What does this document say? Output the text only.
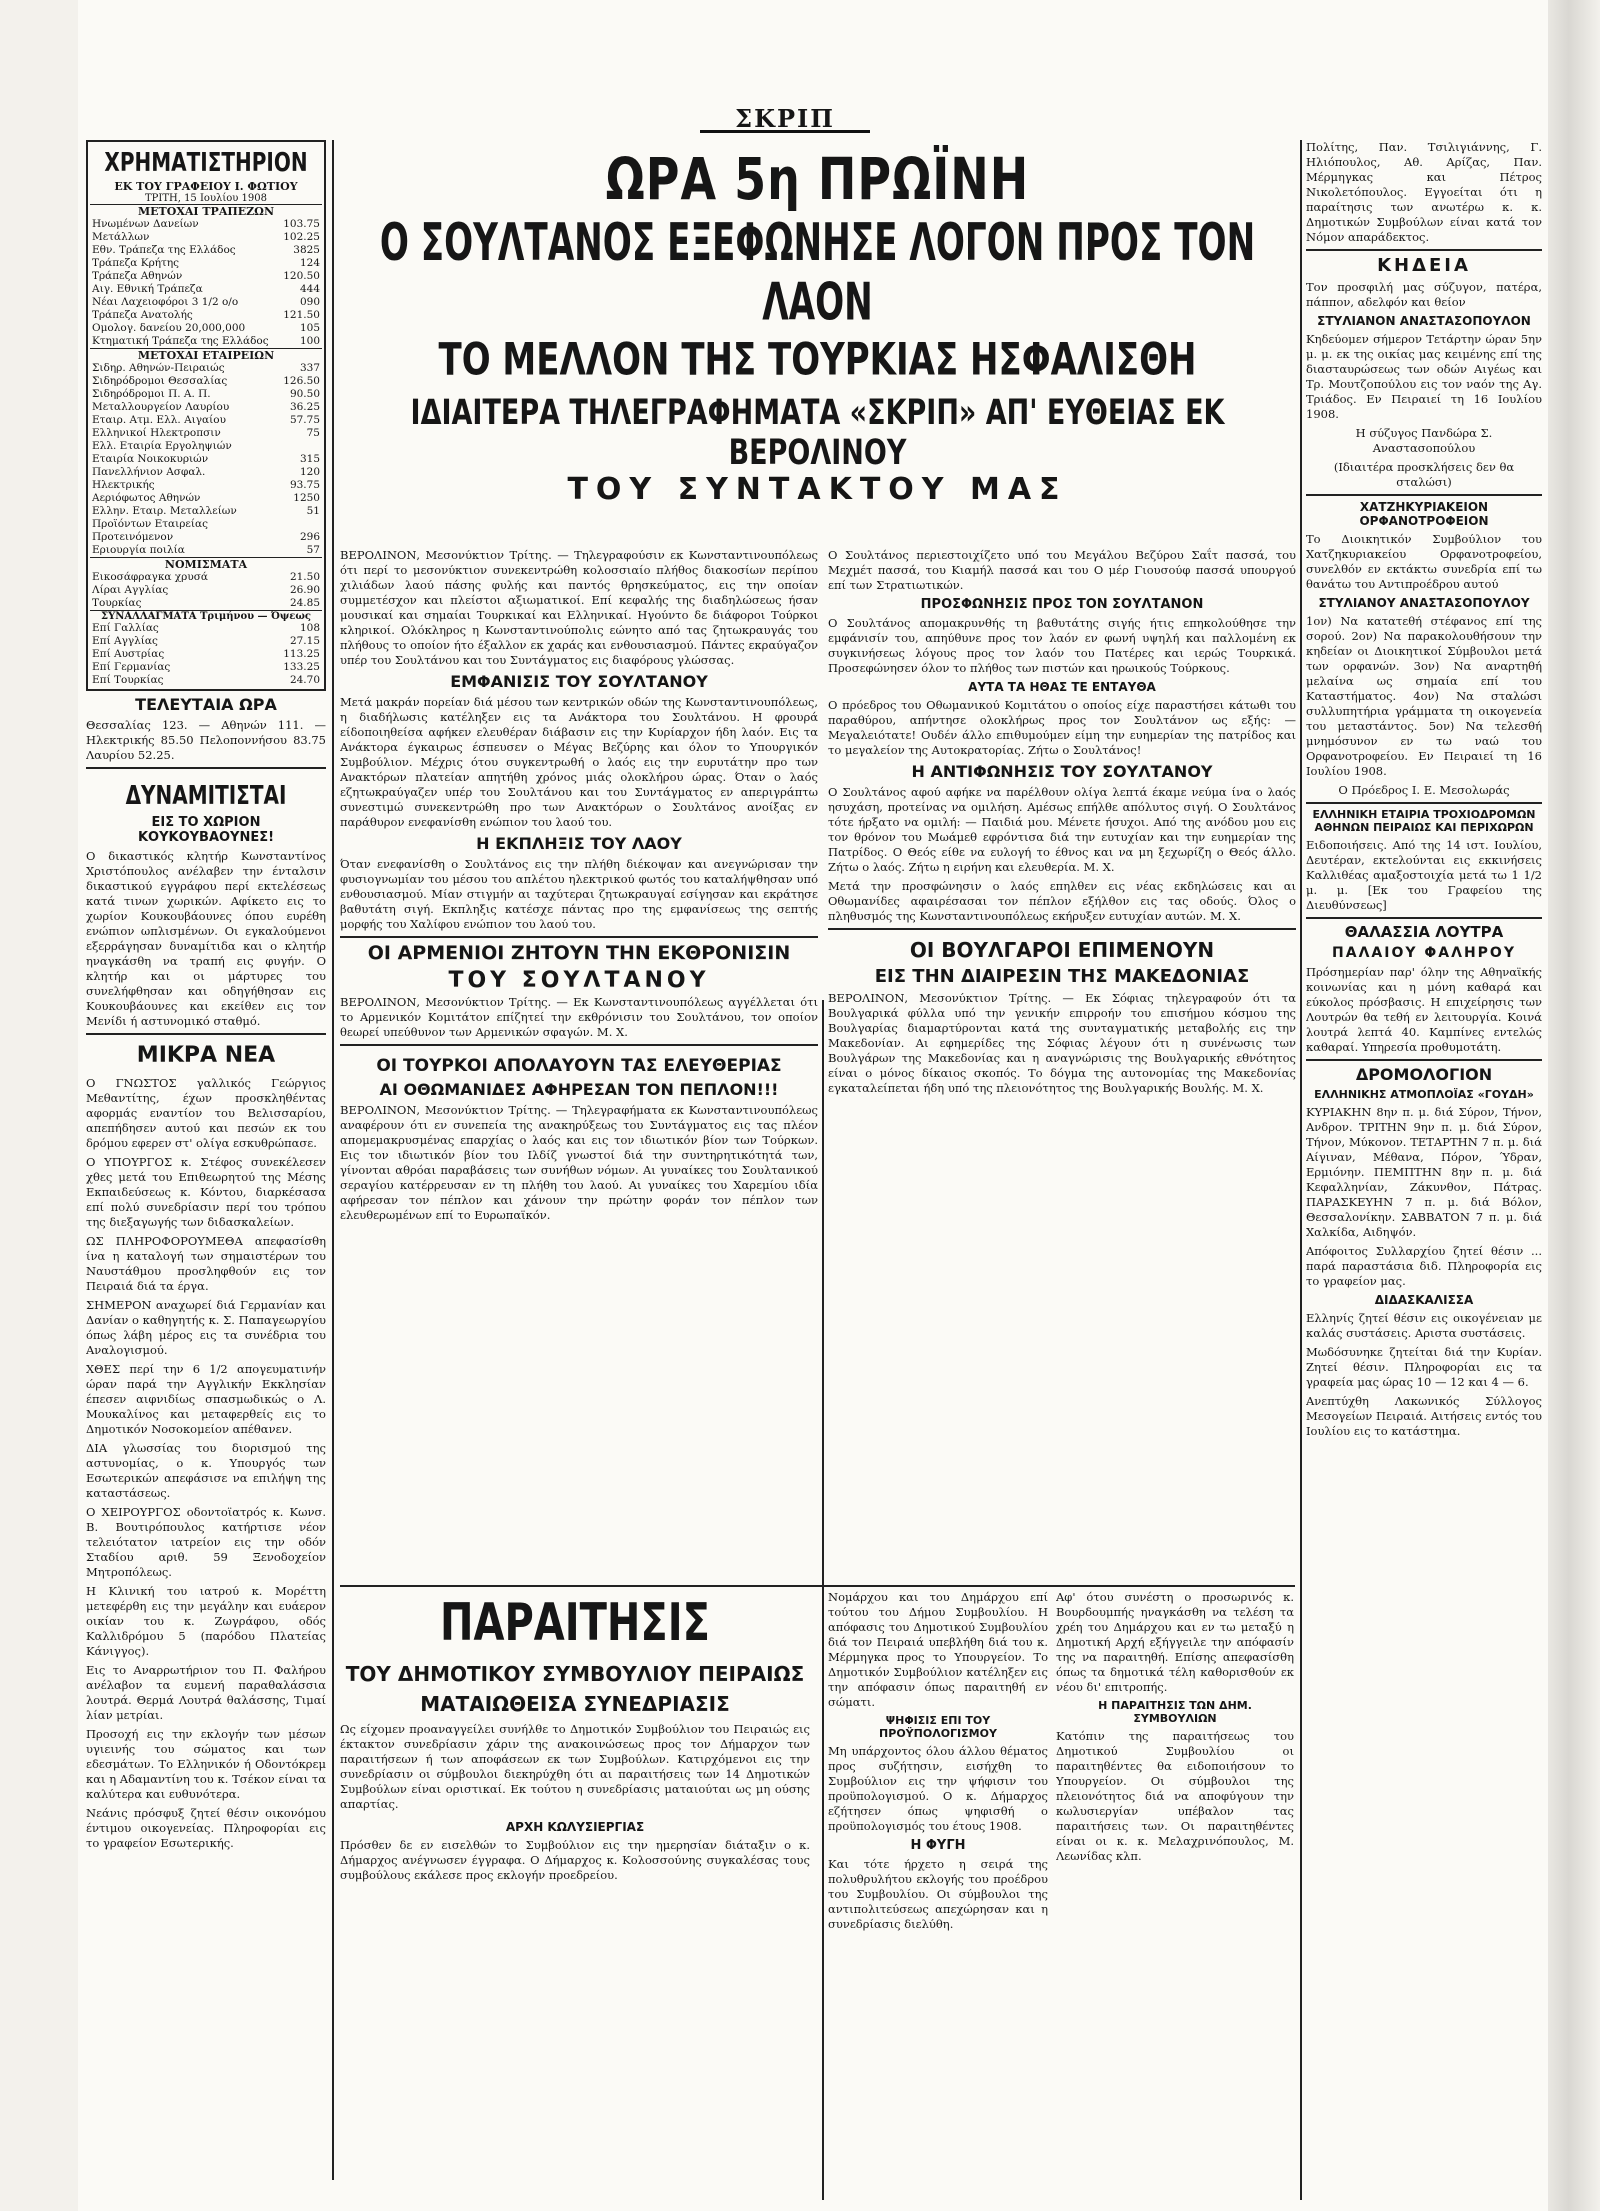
ΣΚΡΙΠ
ΧΡΗΜΑΤΙΣΤΗΡΙΟΝ
ΕΚ ΤΟΥ ΓΡΑΦΕΙΟΥ Ι. ΦΩΤΙΟΥ
ΤΡΙΤΗ, 15 Ιουλίου 1908
ΜΕΤΟΧΑΙ ΤΡΑΠΕΖΩΝ
Ηνωμένων Δανείων	103.75
Μετάλλων	102.25
Εθν. Τράπεζα της Ελλάδος	3825
Τράπεζα Κρήτης	124
Τράπεζα Αθηνών	120.50
Αιγ. Εθνική Τράπεζα	444
Νέαι Λαχειοφόροι 3 1/2 ο/ο	090
Τράπεζα Ανατολής	121.50
Ομολογ. δανείου 20,000,000	105
Κτηματική Τράπεζα της Ελλάδος	100
ΜΕΤΟΧΑΙ ΕΤΑΙΡΕΙΩΝ
Σιδηρ. Αθηνών-Πειραιώς	337
Σιδηρόδρομοι Θεσσαλίας	126.50
Σιδηρόδρομοι Π. Α. Π.	90.50
Μεταλλουργείον Λαυρίου	36.25
Εταιρ. Ατμ. Ελλ. Αιγαίου	57.75
Ελληνικοί Ηλεκτροπσιν	75
Ελλ. Εταιρία Εργοληψιών	
Εταιρία Νοικοκυριών	315
Πανελλήνιον Ασφαλ.	120
Ηλεκτρικής	93.75
Αεριόφωτος Αθηνών	1250
Ελλην. Εταιρ. Μεταλλείων	51
Προϊόντων Εταιρείας	
Προτεινόμενον	296
Εριουργία ποιλία	57
ΝΟΜΙΣΜΑΤΑ
Εικοσάφραγκα χρυσά	21.50
Λίραι Αγγλίας	26.90
Τουρκίας	24.85
ΣΥΝΑΛΛΑΓΜΑΤΑ Τριμήνου — Όψεως
Επί Γαλλίας	108
Επί Αγγλίας	27.15
Επί Αυστρίας	113.25
Επί Γερμανίας	133.25
Επί Τουρκίας	24.70
ΤΕΛΕΥΤΑΙΑ ΩΡΑ

Θεσσαλίας 123. — Αθηνών 111. — Ηλεκτρικής 85.50 Πελοποννήσου 83.75 Λαυρίου 52.25.

ΔΥΝΑΜΙΤΙΣΤΑΙ
ΕΙΣ ΤΟ ΧΩΡΙΟΝ ΚΟΥΚΟΥΒΑΟΥΝΕΣ!

Ο δικαστικός κλητήρ Κωνσταντίνος Χριστόπουλος ανέλαβεν την ένταλσιν δικαστικού εγγράφου περί εκτελέσεως κατά τινων χωρικών. Αφίκετο εις το χωρίον Κουκουβάουνες όπου ευρέθη ενώπιον ωπλισμένων. Οι εγκαλούμενοι εξερράγησαν δυναμίτιδα και ο κλητήρ ηναγκάσθη να τραπή εις φυγήν. Ο κλητήρ και οι μάρτυρες του συνελήφθησαν και οδηγήθησαν εις Κουκουβάουνες και εκείθεν εις τον Μενίδι ή αστυνομικό σταθμό.

ΜΙΚΡΑ ΝΕΑ

Ο ΓΝΩΣΤΟΣ γαλλικός Γεώργιος Μεθαντίτης, έχων προσκληθέντας αφορμάς εναντίον του Βελισσαρίου, απεπήδησεν αυτού και πεσών εκ του δρόμου εφερεν στ' ολίγα εσκυθρώπασε.

Ο ΥΠΟΥΡΓΟΣ κ. Στέφος συνεκέλεσεν χθες μετά του Επιθεωρητού της Μέσης Εκπαιδεύσεως κ. Κόντου, διαρκέσασα επί πολύ συνεδρίασιν περί του τρόπου της διεξαγωγής των διδασκαλείων.

ΩΣ ΠΛΗΡΟΦΟΡΟΥΜΕΘΑ απεφασίσθη ίνα η καταλογή των σημαιστέρων του Ναυστάθμου προσληφθούν εις τον Πειραιά διά τα έργα.

ΣΗΜΕΡΟΝ αναχωρεί διά Γερμανίαν και Δανίαν ο καθηγητής κ. Σ. Παπαγεωργίου όπως λάβη μέρος εις τα συνέδρια του Αναλογισμού.

ΧΘΕΣ περί την 6 1/2 απογευματινήν ώραν παρά την Αγγλικήν Εκκλησίαν έπεσεν αιφνιδίως σπασμωδικώς ο Λ. Μουκαλίνος και μεταφερθείς εις το Δημοτικόν Νοσοκομείον απέθανεν.

ΔΙΑ γλωσσίας του διορισμού της αστυνομίας, ο κ. Υπουργός των Εσωτερικών απεφάσισε να επιλήψη της καταστάσεως.

Ο ΧΕΙΡΟΥΡΓΟΣ οδοντοϊατρός κ. Κωνσ. Β. Βουτιρόπουλος κατήρτισε νέον τελειότατον ιατρείον εις την οδόν Σταδίου αριθ. 59 Ξενοδοχείον Μητροπόλεως.

Η Κλινική του ιατρού κ. Μορέττη μετεφέρθη εις την μεγάλην και ευάερον οικίαν του κ. Ζωγράφου, οδός Καλλιδρόμου 5 (παρόδου Πλατείας Κάνιγγος).

Εις το Αναρρωτήριον του Π. Φαλήρου ανέλαβον τα ευμενή παραθαλάσσια λουτρά. Θερμά Λουτρά θαλάσσης, Τιμαί λίαν μετρίαι.

Προσοχή εις την εκλογήν των μέσων υγιεινής του σώματος και των εδεσμάτων. Το Ελληνικόν ή Οδοντόκρεμ και η Αδαμαντίνη του κ. Τσέκον είναι τα καλύτερα και ευθυνότερα.

Νεάνις πρόσφυξ ζητεί θέσιν οικονόμου έντιμου οικογενείας. Πληροφορίαι εις το γραφείον Εσωτερικής.

ΩΡΑ 5η ΠΡΩΪΝΗ
Ο ΣΟΥΛΤΑΝΟΣ ΕΞΕΦΩΝΗΣΕ ΛΟΓΟΝ ΠΡΟΣ ΤΟΝ ΛΑΟΝ
ΤΟ ΜΕΛΛΟΝ ΤΗΣ ΤΟΥΡΚΙΑΣ ΗΣΦΑΛΙΣΘΗ
ΙΔΙΑΙΤΕΡΑ ΤΗΛΕΓΡΑΦΗΜΑΤΑ «ΣΚΡΙΠ» ΑΠ' ΕΥΘΕΙΑΣ ΕΚ ΒΕΡΟΛΙΝΟΥ
ΤΟΥ ΣΥΝΤΑΚΤΟΥ ΜΑΣ

ΒΕΡΟΛΙΝΟΝ, Μεσονύκτιον Τρίτης. — Τηλεγραφούσιν εκ Κωνσταντινουπόλεως ότι περί το μεσονύκτιον συνεκεντρώθη κολοσσιαίο πλήθος διακοσίων περίπου χιλιάδων λαού πάσης φυλής και παντός θρησκεύματος, εις την οποίαν συμμετέσχον και πλείστοι αξιωματικοί. Επί κεφαλής της διαδηλώσεως ήσαν μουσικαί και σημαίαι Τουρκικαί και Ελληνικαί. Ηγούντο δε διάφοροι Τούρκοι κληρικοί. Ολόκληρος η Κωνσταντινούπολις εώνητο από τας ζητωκραυγάς του πλήθους το οποίον ήτο έξαλλον εκ χαράς και ενθουσιασμού. Πάντες εκραύγαζον υπέρ του Σουλτάνου και του Συντάγματος εις διαφόρους γλώσσας.

ΕΜΦΑΝΙΣΙΣ ΤΟΥ ΣΟΥΛΤΑΝΟΥ

Μετά μακράν πορείαν διά μέσου των κεντρικών οδών της Κωνσταντινουπόλεως, η διαδήλωσις κατέληξεν εις τα Ανάκτορα του Σουλτάνου. Η φρουρά είδοποιηθείσα αφήκεν ελευθέραν διάβασιν εις την Κυρίαρχον ήδη λαόν. Εις τα Ανάκτορα έγκαιρως έσπευσεν ο Μέγας Βεζύρης και όλον το Υπουργικόν Συμβούλιον. Μέχρις ότου συγκεντρωθή ο λαός εις την ευρυτάτην προ των Ανακτόρων πλατείαν απητήθη χρόνος μιάς ολοκλήρου ώρας. Όταν ο λαός εζητωκραύγαζεν υπέρ του Σουλτάνου και του Συντάγματος εν απεριγράπτω συνεστιμώ συνεκεντρώθη προ των Ανακτόρων ο Σουλτάνος ανοίξας εν παράθυρον ενεφανίσθη ενώπιον του λαού του.

Η ΕΚΠΛΗΞΙΣ ΤΟΥ ΛΑΟΥ

Όταν ενεφανίσθη ο Σουλτάνος εις την πλήθη διέκοψαν και ανεγνώρισαν την φυσιογνωμίαν του μέσου του απλέτου ηλεκτρικού φωτός του καταλήψθησαν υπό ενθουσιασμού. Μίαν στιγμήν αι ταχύτεραι ζητωκραυγαί εσίγησαν και εκράτησε βαθυτάτη σιγή. Εκπληξις κατέσχε πάντας προ της εμφανίσεως της σεπτής μορφής του Χαλίφου ενώπιον του λαού του.

ΟΙ ΑΡΜΕΝΙΟΙ ΖΗΤΟΥΝ ΤΗΝ ΕΚΘΡΟΝΙΣΙΝ
ΤΟΥ ΣΟΥΛΤΑΝΟΥ

ΒΕΡΟΛΙΝΟΝ, Μεσονύκτιον Τρίτης. — Εκ Κωνσταντινουπόλεως αγγέλλεται ότι το Αρμενικόν Κομιτάτον επίζητεί την εκθρόνισιν του Σουλτάνου, τον οποίον θεωρεί υπεύθυνον των Αρμενικών σφαγών. Μ. Χ.

ΟΙ ΤΟΥΡΚΟΙ ΑΠΟΛΑΥΟΥΝ ΤΑΣ ΕΛΕΥΘΕΡΙΑΣ
ΑΙ ΟΘΩΜΑΝΙΔΕΣ ΑΦΗΡΕΣΑΝ ΤΟΝ ΠΕΠΛΟΝ!!!

ΒΕΡΟΛΙΝΟΝ, Μεσονύκτιον Τρίτης. — Τηλεγραφήματα εκ Κωνσταντινουπόλεως αναφέρουν ότι εν συνεπεία της ανακηρύξεως του Συντάγματος εις τας πλέον απομεμακρυσμένας επαρχίας ο λαός και εις τον ιδιωτικόν βίον των Τούρκων. Εις τον ιδιωτικόν βίον του Ιλδίζ γνωστοί διά την συντηρητικότητά των, γίνονται αθρόαι παραβάσεις των συνήθων νόμων. Αι γυναίκες του Σουλτανικού σεραγίου κατέρρευσαν εν τη πλήθη του λαού. Αι γυναίκες του Χαρεμίου ιδία αφήρεσαν τον πέπλον και χάνουν την πρώτην φοράν τον πέπλον των ελευθερωμένων επί το Ευρωπαϊκόν.

Ο Σουλτάνος περιεστοιχίζετο υπό του Μεγάλου Βεζύρου Σαΐτ πασσά, του Μεχμέτ πασσά, του Κιαμήλ πασσά και του Ο μέρ Γιουσούφ πασσά υπουργού επί των Στρατιωτικών.

ΠΡΟΣΦΩΝΗΣΙΣ ΠΡΟΣ ΤΟΝ ΣΟΥΛΤΑΝΟΝ

Ο Σουλτάνος απομακρυνθής τη βαθυτάτης σιγής ήτις επηκολούθησε την εμφάνισίν του, απηύθυνε προς τον λαόν εν φωνή υψηλή και παλλομένη εκ συγκινήσεως λόγους προς τον λαόν του Πατέρες και ιερώς Τουρκικά. Προσεφώνησεν όλον το πλήθος των πιστών και ηρωικούς Τούρκους.

ΑΥΤΑ ΤΑ ΗΘΑΣ ΤΕ ΕΝΤΑΥΘΑ

Ο πρόεδρος του Οθωμανικού Κομιτάτου ο οποίος είχε παραστήσει κάτωθι του παραθύρου, απήντησε ολοκλήρως προς τον Σουλτάνον ως εξής: — Μεγαλειότατε! Ουδέν άλλο επιθυμούμεν είμη την ευημερίαν της πατρίδος και το μεγαλείον της Αυτοκρατορίας. Ζήτω ο Σουλτάνος!

Η ΑΝΤΙΦΩΝΗΣΙΣ ΤΟΥ ΣΟΥΛΤΑΝΟΥ

Ο Σουλτάνος αφού αφήκε να παρέλθουν ολίγα λεπτά έκαμε νεύμα ίνα ο λαός ησυχάση, προτείνας να ομιλήση. Αμέσως επήλθε απόλυτος σιγή. Ο Σουλτάνος τότε ήρξατο να ομιλή: — Παιδιά μου. Μένετε ήσυχοι. Από της ανόδου μου εις τον θρόνον του Μωάμεθ εφρόντισα διά την ευτυχίαν και την ευημερίαν της Πατρίδος. Ο Θεός είθε να ευλογή το έθνος και να μη ξεχωρίζη ο Θεός άλλο. Ζήτω ο λαός. Ζήτω η ειρήνη και ελευθερία. Μ. Χ.

Μετά την προσφώνησιν ο λαός επηλθεν εις νέας εκδηλώσεις και αι Οθωμανίδες αφαιρέσασαι τον πέπλον εξήλθον εις τας οδούς. Όλος ο πληθυσμός της Κωνσταντινουπόλεως εκήρυξεν ευτυχίαν αυτών. Μ. Χ.

ΟΙ ΒΟΥΛΓΑΡΟΙ ΕΠΙΜΕΝΟΥΝ
ΕΙΣ ΤΗΝ ΔΙΑΙΡΕΣΙΝ ΤΗΣ ΜΑΚΕΔΟΝΙΑΣ

ΒΕΡΟΛΙΝΟΝ, Μεσονύκτιον Τρίτης. — Εκ Σόφιας τηλεγραφούν ότι τα Βουλγαρικά φύλλα υπό την γενικήν επιρροήν του επισήμου κόσμου της Βουλγαρίας διαμαρτύρονται κατά της συνταγματικής μεταβολής εις την Μακεδονίαν. Αι εφημερίδες της Σόφιας λέγουν ότι η συνένωσις των Βουλγάρων της Μακεδονίας και η αναγνώρισις της Βουλγαρικής εθνότητος είναι ο μόνος δίκαιος σκοπός. Το δόγμα της αυτονομίας της Μακεδονίας εγκαταλείπεται ήδη υπό της πλειονότητος της Βουλγαρικής Βουλής. Μ. Χ.

ΠΑΡΑΙΤΗΣΙΣ
ΤΟΥ ΔΗΜΟΤΙΚΟΥ ΣΥΜΒΟΥΛΙΟΥ ΠΕΙΡΑΙΩΣ
ΜΑΤΑΙΩΘΕΙΣΑ ΣΥΝΕΔΡΙΑΣΙΣ

Ως είχομεν προαναγγείλει συνήλθε το Δημοτικόν Συμβούλιον του Πειραιώς εις έκτακτον συνεδρίασιν χάριν της ανακοινώσεως προς τον Δήμαρχον των παραιτήσεων ή των αποφάσεων εκ των Συμβούλων. Κατιρχόμενοι εις την συνεδρίασιν οι σύμβουλοι διεκηρύχθη ότι αι παραιτήσεις των 14 Δημοτικών Συμβούλων είναι οριστικαί. Εκ τούτου η συνεδρίασις ματαιούται ως μη ούσης απαρτίας.

ΑΡΧΗ ΚΩΛΥΣΙΕΡΓΙΑΣ

Πρόσθεν δε εν εισελθών το Συμβούλιον εις την ημερησίαν διάταξιν ο κ. Δήμαρχος ανέγνωσεν έγγραφα. Ο Δήμαρχος κ. Κολοσσούνης συγκαλέσας τους συμβούλους εκάλεσε προς εκλογήν προεδρείου.

Νομάρχου και του Δημάρχου επί τούτου του Δήμου Συμβουλίου. Η απόφασις του Δημοτικού Συμβουλίου διά τον Πειραιά υπεβλήθη διά του κ. Μέρμηγκα προς το Υπουργείον. Το Δημοτικόν Συμβούλιον κατέληξεν εις την απόφασιν όπως παραιτηθή εν σώματι.

ΨΗΦΙΣΙΣ ΕΠΙ ΤΟΥ ΠΡΟΫΠΟΛΟΓΙΣΜΟΥ

Μη υπάρχοντος όλου άλλου θέματος προς συζήτησιν, εισήχθη το Συμβούλιον εις την ψήφισιν του προϋπολογισμού. Ο κ. Δήμαρχος εζήτησεν όπως ψηφισθή ο προϋπολογισμός του έτους 1908.

Η ΦΥΓΗ

Και τότε ήρχετο η σειρά της πολυθρυλήτου εκλογής του προέδρου του Συμβουλίου. Οι σύμβουλοι της αντιπολιτεύσεως απεχώρησαν και η συνεδρίασις διελύθη.

Αφ' ότου συνέστη ο προσωρινός κ. Βουρδουμπής ηναγκάσθη να τελέση τα χρέη του Δημάρχου και εν τω μεταξύ η Δημοτική Αρχή εξήγγειλε την απόφασίν της να παραιτηθή. Επίσης απεφασίσθη όπως τα δημοτικά τέλη καθορισθούν εκ νέου δι' επιτροπής.

Η ΠΑΡΑΙΤΗΣΙΣ ΤΩΝ ΔΗΜ. ΣΥΜΒΟΥΛΙΩΝ

Κατόπιν της παραιτήσεως του Δημοτικού Συμβουλίου οι παραιτηθέντες θα ειδοποιήσουν το Υπουργείον. Οι σύμβουλοι της πλειονότητος διά να αποφύγουν την κωλυσιεργίαν υπέβαλον τας παραιτήσεις των. Οι παραιτηθέντες είναι οι κ. κ. Μελαχρινόπουλος, Μ. Λεωνίδας κλπ.

Πολίτης, Παν. Τσιλιγιάννης, Γ. Ηλιόπουλος, Αθ. Αρίζας, Παν. Μέρμηγκας και Πέτρος Νικολετόπουλος. Εγγοείται ότι η παραίτησις των ανωτέρω κ. κ. Δημοτικών Συμβούλων είναι κατά τον Νόμον απαράδεκτος.

ΚΗΔΕΙΑ

Τον προσφιλή μας σύζυγον, πατέρα, πάππον, αδελφόν και θείον

ΣΤΥΛΙΑΝΟΝ ΑΝΑΣΤΑΣΟΠΟΥΛΟΝ

Κηδεύομεν σήμερον Τετάρτην ώραν 5ην μ. μ. εκ της οικίας μας κειμένης επί της διασταυρώσεως των οδών Αιγέως και Τρ. Μουτζοπούλου εις τον ναόν της Αγ. Τριάδος. Εν Πειραιεί τη 16 Ιουλίου 1908.

Η σύζυγος Πανδώρα Σ. Αναστασοπούλου

(Ιδιαιτέρα προσκλήσεις δεν θα σταλώσι)

ΧΑΤΖΗΚΥΡΙΑΚΕΙΟΝ ΟΡΦΑΝΟΤΡΟΦΕΙΟΝ

Το Διοικητικόν Συμβούλιον του Χατζηκυριακείου Ορφανοτροφείου, συνελθόν εν εκτάκτω συνεδρία επί τω θανάτω του Αντιπροέδρου αυτού

ΣΤΥΛΙΑΝΟΥ ΑΝΑΣΤΑΣΟΠΟΥΛΟΥ

1ον) Να κατατεθή στέφανος επί της σορού. 2ον) Να παρακολουθήσουν την κηδείαν οι Διοικητικοί Σύμβουλοι μετά των ορφανών. 3ον) Να αναρτηθή μελαίνα ως σημαία επί του Καταστήματος. 4ον) Να σταλώσι συλλυπητήρια γράμματα τη οικογενεία του μεταστάντος. 5ον) Να τελεσθή μνημόσυνον εν τω ναώ του Ορφανοτροφείου. Εν Πειραιεί τη 16 Ιουλίου 1908.

Ο Πρόεδρος Ι. Ε. Μεσολωράς

ΕΛΛΗΝΙΚΗ ΕΤΑΙΡΙΑ ΤΡΟΧΙΟΔΡΟΜΩΝ ΑΘΗΝΩΝ ΠΕΙΡΑΙΩΣ ΚΑΙ ΠΕΡΙΧΩΡΩΝ

Ειδοποιήσεις. Από της 14 ιστ. Ιουλίου, Δευτέραν, εκτελούνται εις εκκινήσεις Καλλιθέας αμαξοστοιχία μετά τω 1 1/2 μ. μ. [Εκ του Γραφείου της Διευθύνσεως]

ΘΑΛΑΣΣΙΑ ΛΟΥΤΡΑ
ΠΑΛΑΙΟΥ ΦΑΛΗΡΟΥ

Πρόσημερίαν παρ' όλην της Αθηναϊκής κοινωνίας και η μόνη καθαρά και εύκολος πρόσβασις. Η επιχείρησις των Λουτρών θα τεθή εν λειτουργία. Κοινά λουτρά λεπτά 40. Καμπίνες εντελώς καθαραί. Υπηρεσία προθυμοτάτη.

ΔΡΟΜΟΛΟΓΙΟΝ
ΕΛΛΗΝΙΚΗΣ ΑΤΜΟΠΛΟΪΑΣ «ΓΟΥΔΗ»

ΚΥΡΙΑΚΗΝ 8ην π. μ. διά Σύρον, Τήνον, Ανδρον. ΤΡΙΤΗΝ 9ην π. μ. διά Σύρον, Τήνον, Μύκονον. ΤΕΤΑΡΤΗΝ 7 π. μ. διά Αίγιναν, Μέθανα, Πόρον, Ύδραν, Ερμιόνην. ΠΕΜΠΤΗΝ 8ην π. μ. διά Κεφαλληνίαν, Ζάκυνθον, Πάτρας. ΠΑΡΑΣΚΕΥΗΝ 7 π. μ. διά Βόλον, Θεσσαλονίκην. ΣΑΒΒΑΤΟΝ 7 π. μ. διά Χαλκίδα, Αιδηψόν.

Απόφοιτος Συλλαρχίου ζητεί θέσιν ... παρά παραστάσια διδ. Πληροφορία εις το γραφείον μας.

ΔΙΔΑΣΚΑΛΙΣΣΑ

Ελληνίς ζητεί θέσιν εις οικογένειαν με καλάς συστάσεις. Αριστα συστάσεις.

Μωδόσυνηκε ζητείται διά την Κυρίαν. Ζητεί θέσιν. Πληροφορίαι εις τα γραφεία μας ώρας 10 — 12 και 4 — 6.

Ανεπτύχθη Λακωνικός Σύλλογος Μεσογείων Πειραιά. Αιτήσεις εντός του Ιουλίου εις το κατάστημα.
